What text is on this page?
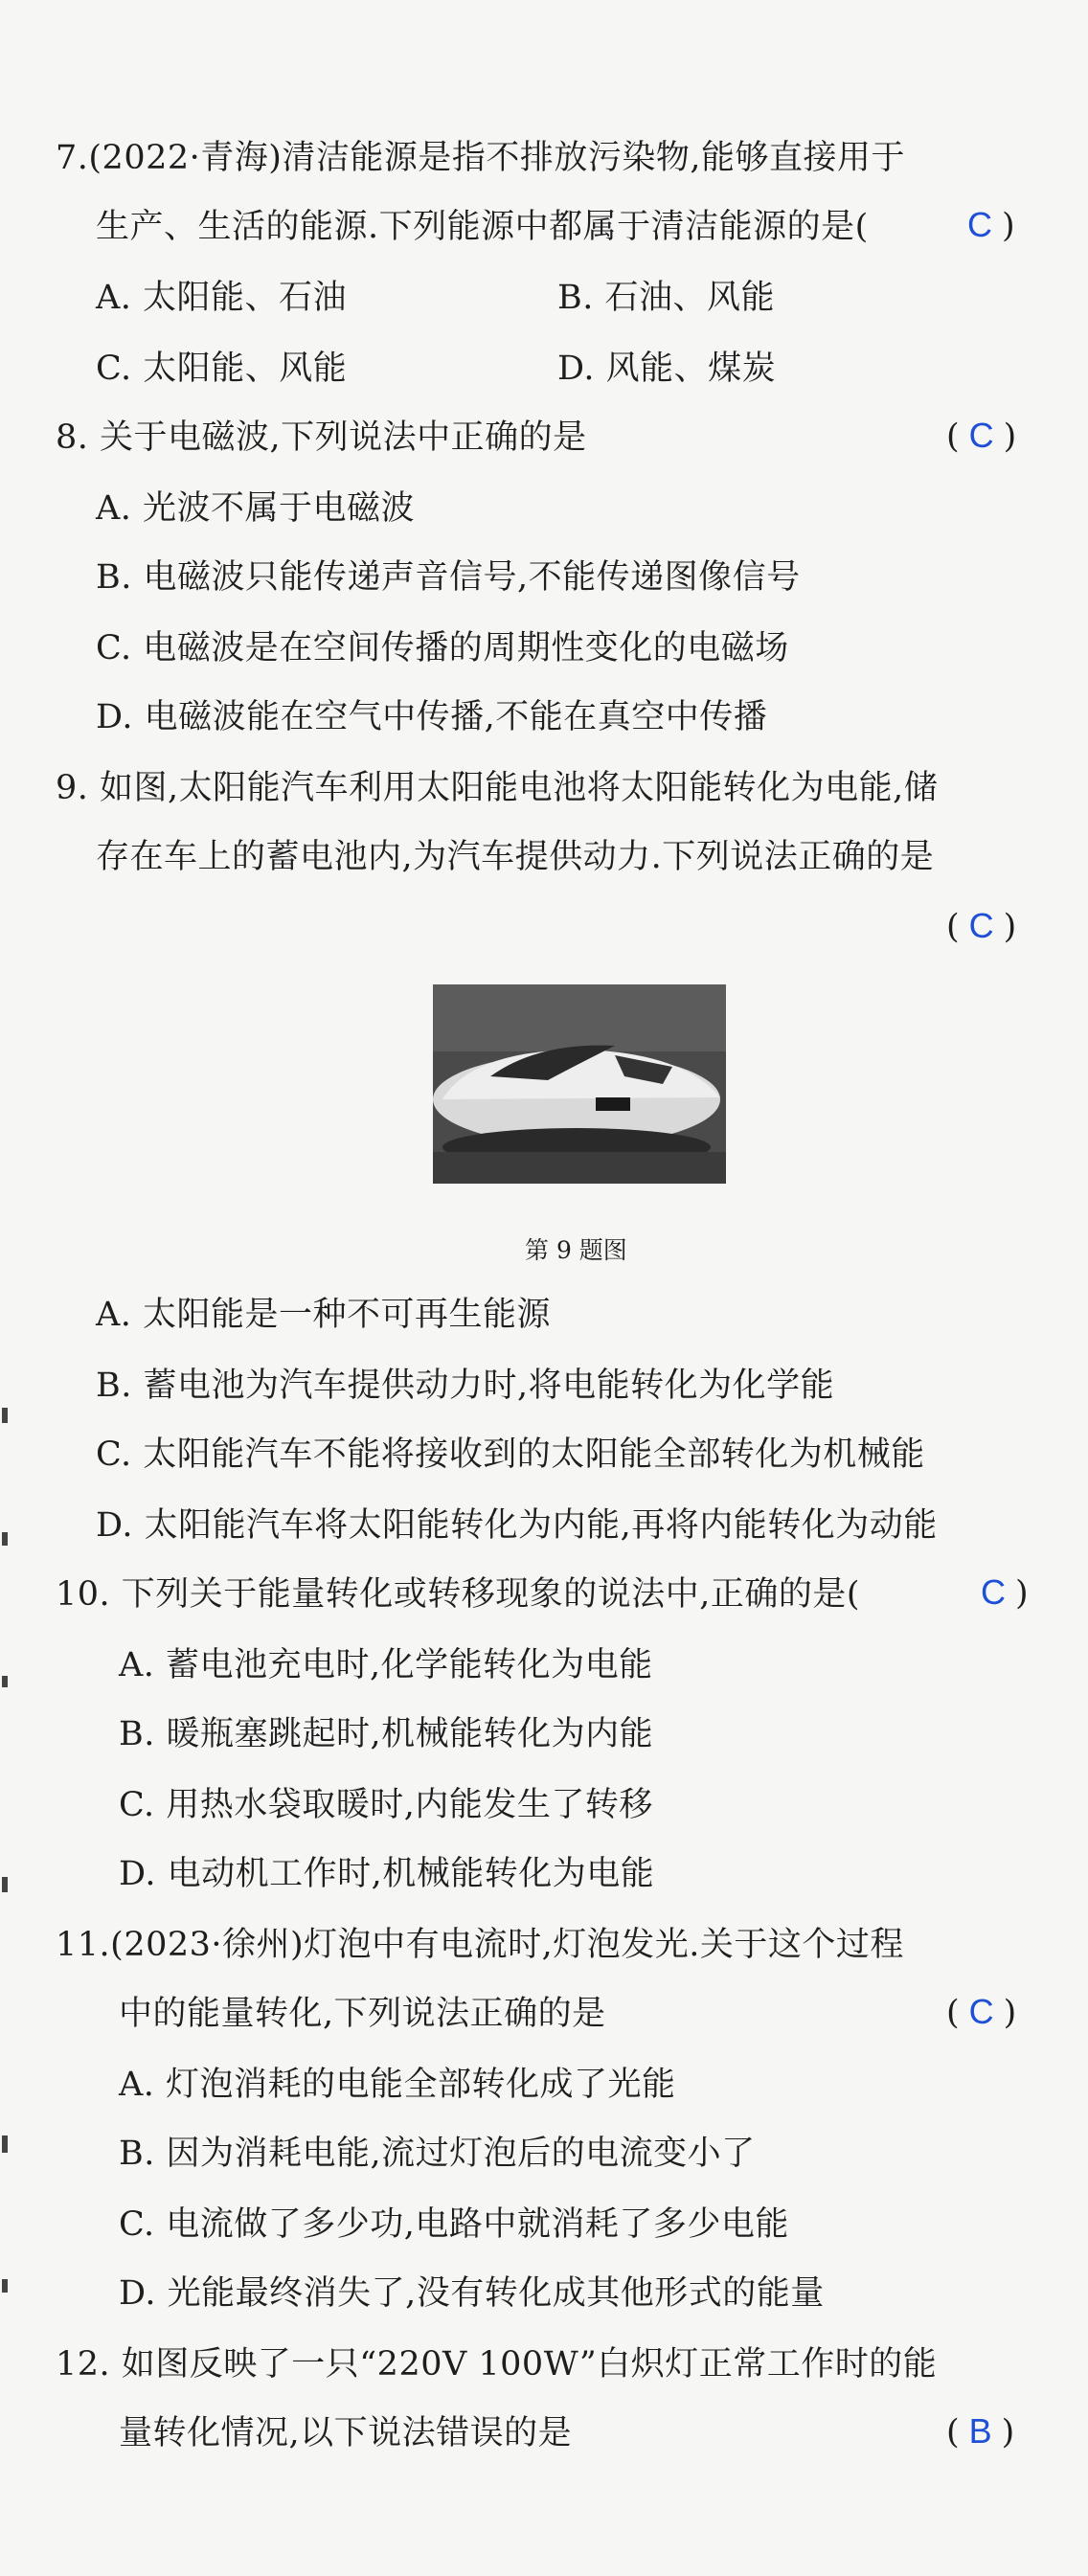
7.(2022·青海)清洁能源是指不排放污染物,能够直接用于
生产、生活的能源.下列能源中都属于清洁能源的是(	C )
A. 太阳能、石油	B. 石油、风能
C. 太阳能、风能	D. 风能、煤炭
8. 关于电磁波,下列说法中正确的是	( C )
A. 光波不属于电磁波
B. 电磁波只能传递声音信号,不能传递图像信号
C. 电磁波是在空间传播的周期性变化的电磁场
D. 电磁波能在空气中传播,不能在真空中传播
9. 如图,太阳能汽车利用太阳能电池将太阳能转化为电能,储
存在车上的蓄电池内,为汽车提供动力.下列说法正确的是
( C )
第 9 题图
A. 太阳能是一种不可再生能源
B. 蓄电池为汽车提供动力时,将电能转化为化学能
C. 太阳能汽车不能将接收到的太阳能全部转化为机械能
D. 太阳能汽车将太阳能转化为内能,再将内能转化为动能
10. 下列关于能量转化或转移现象的说法中,正确的是(	C )
A. 蓄电池充电时,化学能转化为电能
B. 暖瓶塞跳起时,机械能转化为内能
C. 用热水袋取暖时,内能发生了转移
D. 电动机工作时,机械能转化为电能
11.(2023·徐州)灯泡中有电流时,灯泡发光.关于这个过程
中的能量转化,下列说法正确的是	( C )
A. 灯泡消耗的电能全部转化成了光能
B. 因为消耗电能,流过灯泡后的电流变小了
C. 电流做了多少功,电路中就消耗了多少电能
D. 光能最终消失了,没有转化成其他形式的能量
12. 如图反映了一只“220V 100W”白炽灯正常工作时的能
量转化情况,以下说法错误的是	( B )
